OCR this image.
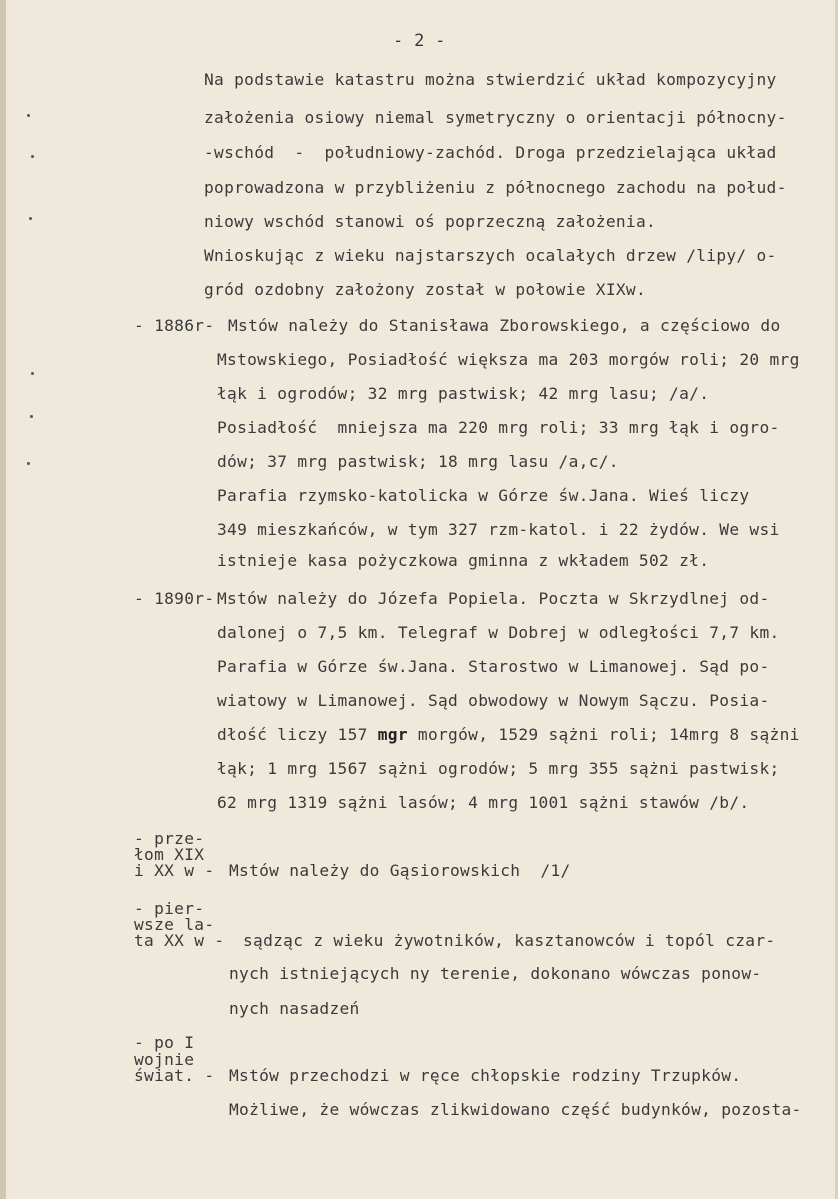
- 2 -
Na podstawie katastru można stwierdzić układ kompozycyjny
założenia osiowy niemal symetryczny o orientacji północny-
-wschód  -  południowy-zachód. Droga przedzielająca układ
poprowadzona w przybliżeniu z północnego zachodu na połud-
niowy wschód stanowi oś poprzeczną założenia.
Wnioskując z wieku najstarszych ocalałych drzew /lipy/ o-
gród ozdobny założony został w połowie XIXw.
- 1886r- Mstów należy do Stanisława Zborowskiego, a częściowo do
Mstowskiego, Posiadłość większa ma 203 morgów roli; 20 mrg
łąk i ogrodów; 32 mrg pastwisk; 42 mrg lasu; /a/.
Posiadłość  mniejsza ma 220 mrg roli; 33 mrg łąk i ogro-
dów; 37 mrg pastwisk; 18 mrg lasu /a,c/.
Parafia rzymsko-katolicka w Górze św.Jana. Wieś liczy
349 mieszkańców, w tym 327 rzm-katol. i 22 żydów. We wsi
istnieje kasa pożyczkowa gminna z wkładem 502 zł.
- 1890r- Mstów należy do Józefa Popiela. Poczta w Skrzydlnej od-
dalonej o 7,5 km. Telegraf w Dobrej w odległości 7,7 km.
Parafia w Górze św.Jana. Starostwo w Limanowej. Sąd po-
wiatowy w Limanowej. Sąd obwodowy w Nowym Sączu. Posia-
dłość liczy 157 mgr morgów, 1529 sążni roli; 14mrg 8 sążni
łąk; 1 mrg 1567 sążni ogrodów; 5 mrg 355 sążni pastwisk;
62 mrg 1319 sążni lasów; 4 mrg 1001 sążni stawów /b/.
- prze-
łom XIX
i XX w - Mstów należy do Gąsiorowskich  /1/
- pier-
wsze la-
ta XX w - sądząc z wieku żywotników, kasztanowców i topól czar-
nych istniejących ny terenie, dokonano wówczas ponow-
nych nasadzeń
- po I
wojnie
świat. - Mstów przechodzi w ręce chłopskie rodziny Trzupków.
Możliwe, że wówczas zlikwidowano część budynków, pozosta-
